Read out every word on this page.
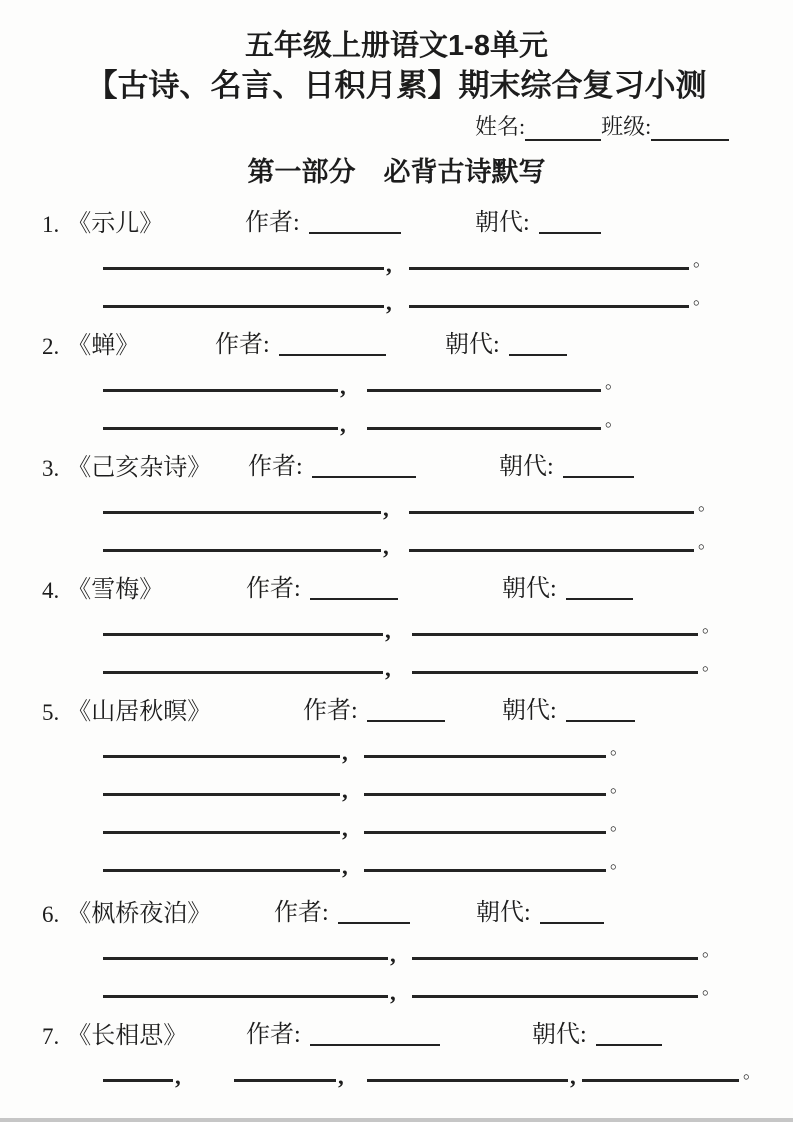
五年级上册语文1-8单元
【古诗、名言、日积月累】期末综合复习小测
姓名:	班级:
第一部分 必背古诗默写
1. 《示儿》	作者:	朝代:
,	。
,	。
2. 《蝉》	作者:	朝代:
,	。
,	。
3. 《己亥杂诗》 作者:	朝代:
,	。
,	。
4. 《雪梅》	作者:	朝代:
,	。
,	。
5. 《山居秋暝》	作者:	朝代:
,	。
,	。
,	。
,	。
6. 《枫桥夜泊》	作者:	朝代:
,	。
,	。
7. 《长相思》 作者:	朝代:
,	,	,	。
